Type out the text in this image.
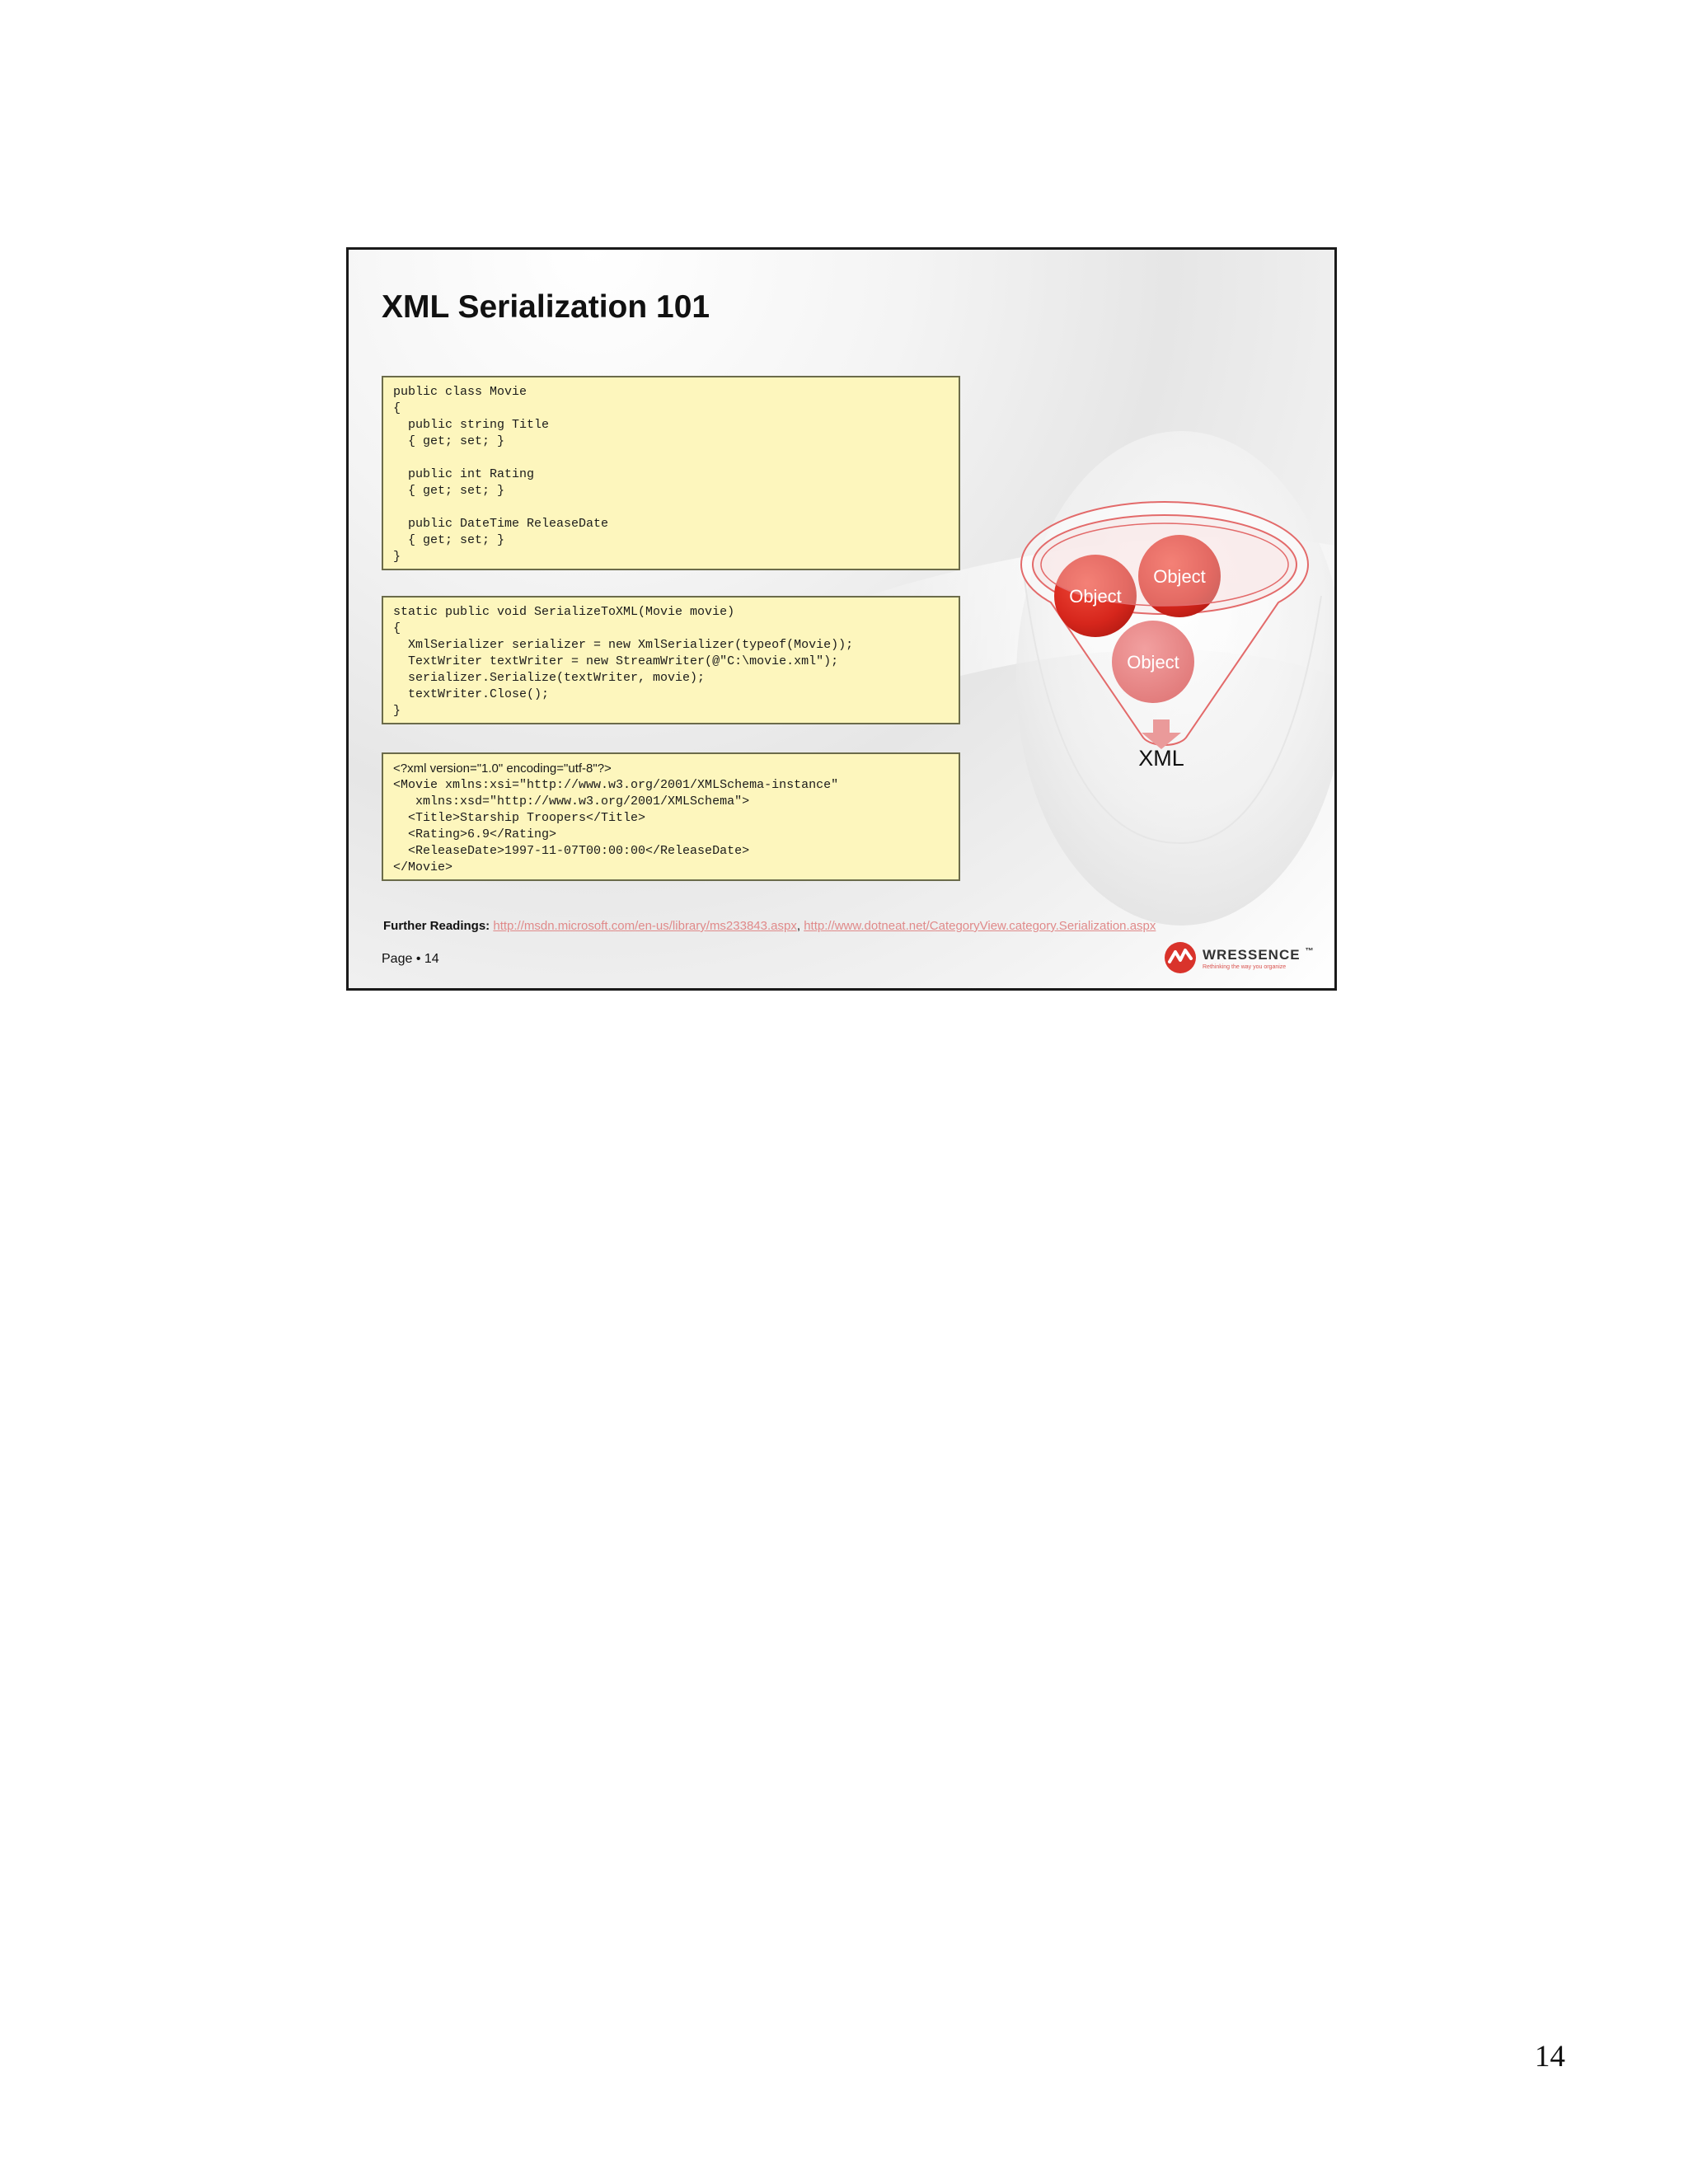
XML Serialization 101
public class Movie
{
public string Title
{ get; set; }
public int Rating
{ get; set; }
public DateTime ReleaseDate
{ get; set; }
}
static public void SerializeToXML(Movie movie)
{
XmlSerializer serializer = new XmlSerializer(typeof(Movie));
TextWriter textWriter = new StreamWriter(@"C:\movie.xml");
serializer.Serialize(textWriter, movie);
textWriter.Close();
}
<?xml version="1.0" encoding="utf-8"?>
<Movie xmlns:xsi="http://www.w3.org/2001/XMLSchema-instance"
xmlns:xsd="http://www.w3.org/2001/XMLSchema">
<Title>Starship Troopers</Title>
<Rating>6.9</Rating>
<ReleaseDate>1997-11-07T00:00:00</ReleaseDate>
</Movie>
Object
Object
Object
XML
Further Readings: http://msdn.microsoft.com/en-us/library/ms233843.aspx, http://www.dotneat.net/CategoryView.category.Serialization.aspx
Page • 14	WRESSENCE ™
Rethinking the way you organize
14
